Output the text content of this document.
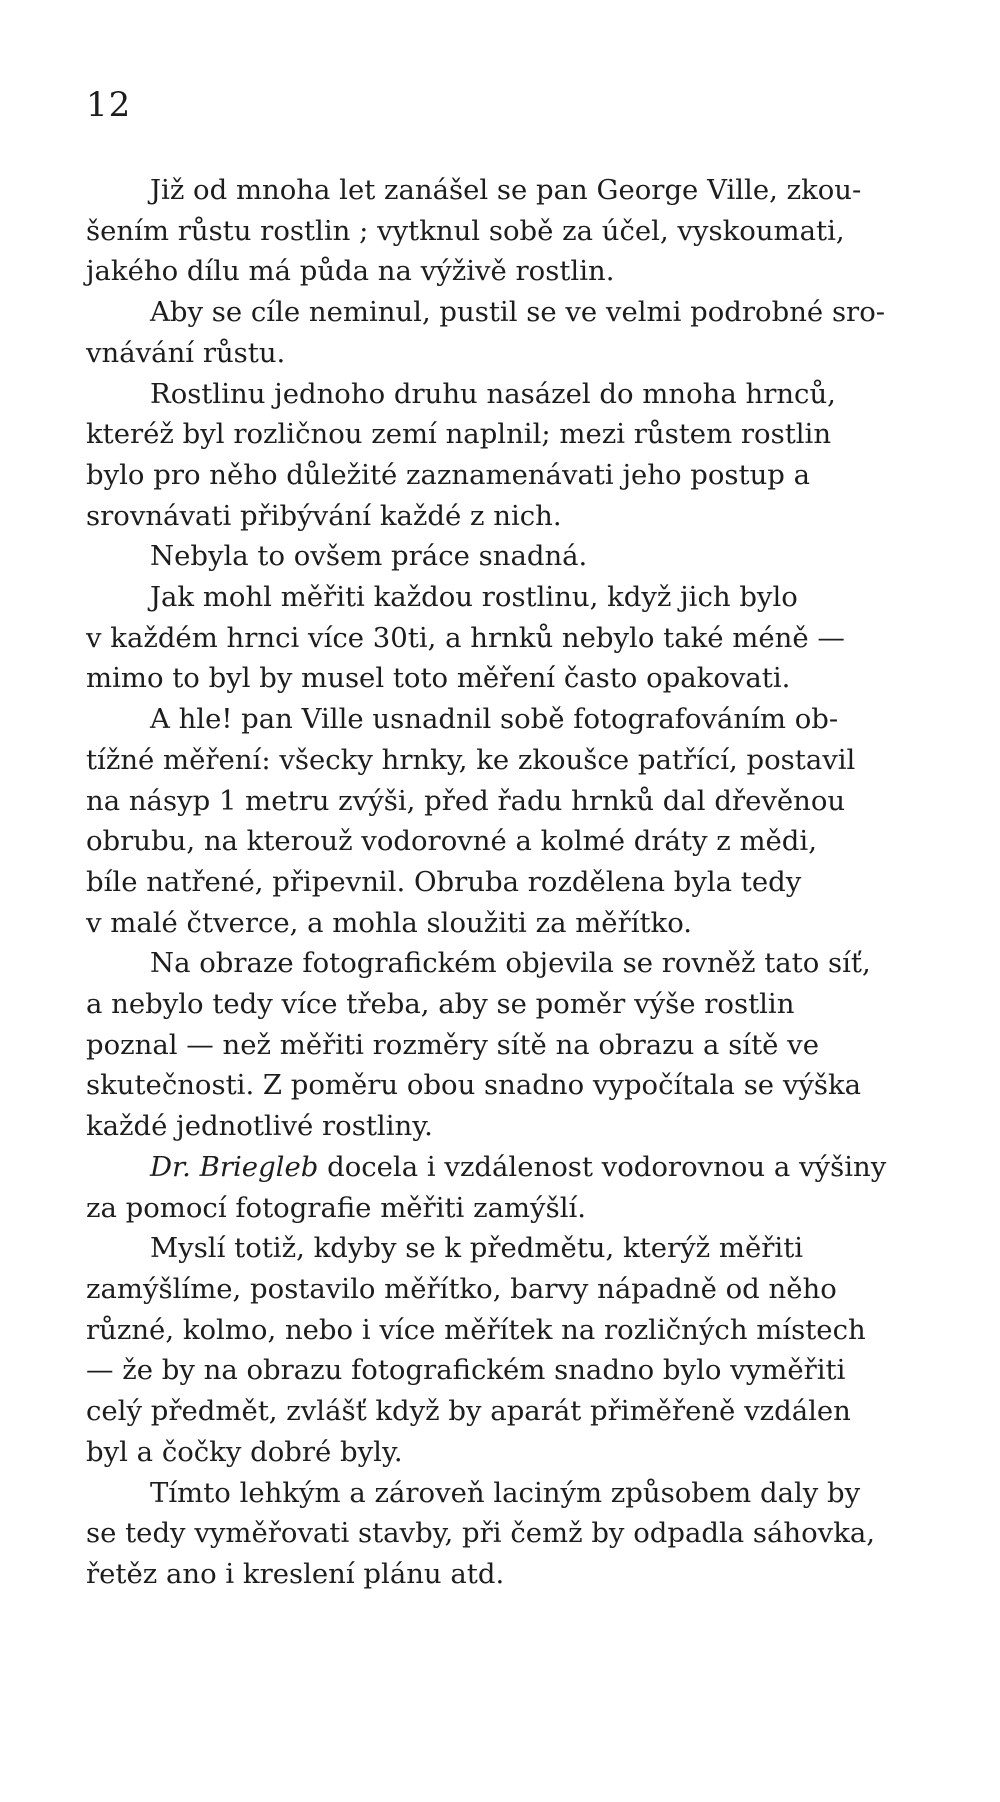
12

Již od mnoha let zanášel se pan George Ville, zkou-
šením růstu rostlin ; vytknul sobě za účel, vyskoumati,
jakého dílu má půda na výživě rostlin.

Aby se cíle neminul, pustil se ve velmi podrobné sro-
vnávání růstu.

Rostlinu jednoho druhu nasázel do mnoha hrnců,
kteréž byl rozličnou zemí naplnil; mezi růstem rostlin
bylo pro něho důležité zaznamenávati jeho postup a
srovnávati přibývání každé z nich.

Nebyla to ovšem práce snadná.

Jak mohl měřiti každou rostlinu, když jich bylo
v každém hrnci více 30ti, a hrnků nebylo také méně —
mimo to byl by musel toto měření často opakovati.

A hle! pan Ville usnadnil sobě fotografováním ob-
tížné měření: všecky hrnky, ke zkoušce patřící, postavil
na násyp 1 metru zvýši, před řadu hrnků dal dřevěnou
obrubu, na kterouž vodorovné a kolmé dráty z mědi,
bíle natřené, připevnil. Obruba rozdělena byla tedy
v malé čtverce, a mohla sloužiti za měřítko.

Na obraze fotografickém objevila se rovněž tato síť,
a nebylo tedy více třeba, aby se poměr výše rostlin
poznal — než měřiti rozměry sítě na obrazu a sítě ve
skutečnosti. Z poměru obou snadno vypočítala se výška
každé jednotlivé rostliny.

Dr. Briegleb docela i vzdálenost vodorovnou a výšiny
za pomocí fotografie měřiti zamýšlí.

Myslí totiž, kdyby se k předmětu, kterýž měřiti
zamýšlíme, postavilo měřítko, barvy nápadně od něho
různé, kolmo, nebo i více měřítek na rozličných místech
— že by na obrazu fotografickém snadno bylo vyměřiti
celý předmět, zvlášť když by aparát přiměřeně vzdálen
byl a čočky dobré byly.

Tímto lehkým a zároveň laciným způsobem daly by
se tedy vyměřovati stavby, při čemž by odpadla sáhovka,
řetěz ano i kreslení plánu atd.
